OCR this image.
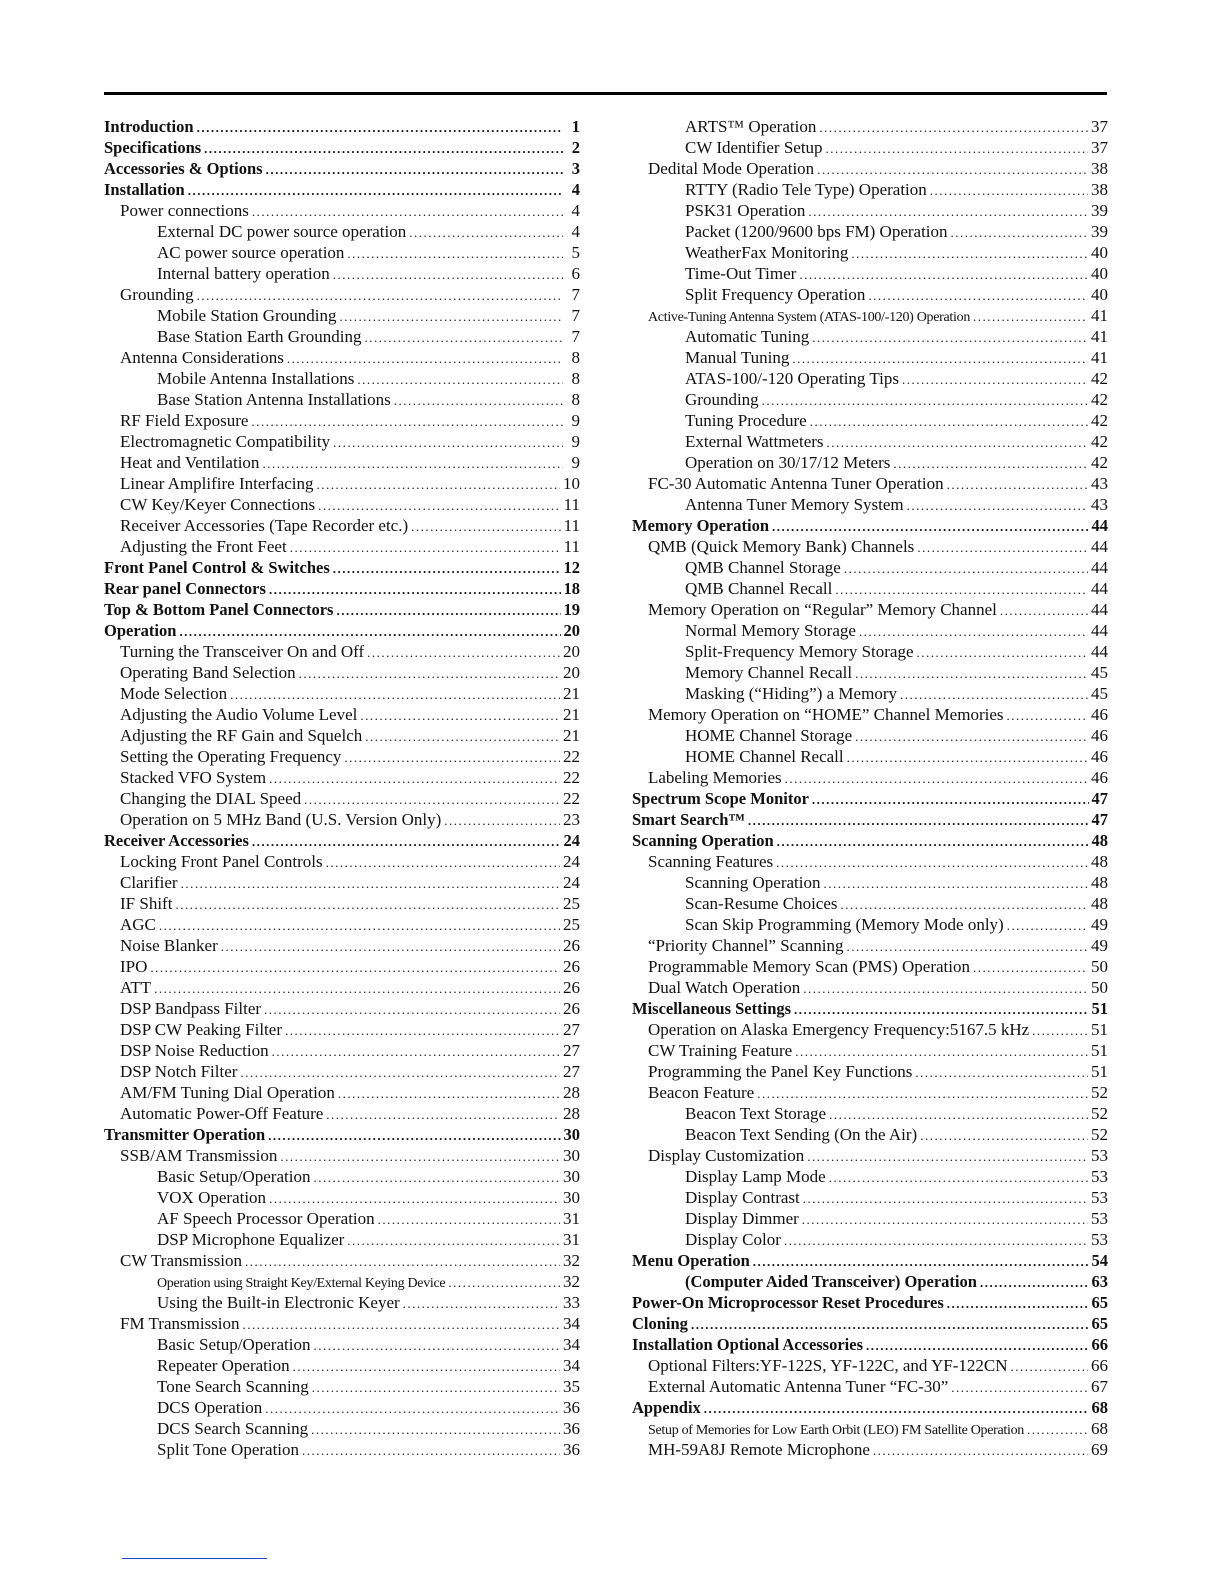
Introduction .....	1
Specifications .....	2
Accessories & Options .....	3
Installation .....	4
Power connections .....	4
External DC power source operation .....	4
AC power source operation .....	5
Internal battery operation .....	6
Grounding .....	7
Mobile Station Grounding .....	7
Base Station Earth Grounding .....	7
Antenna Considerations .....	8
Mobile Antenna Installations .....	8
Base Station Antenna Installations .....	8
RF Field Exposure .....	9
Electromagnetic Compatibility .....	9
Heat and Ventilation .....	9
Linear Amplifire Interfacing .....	10
CW Key/Keyer Connections .....	11
Receiver Accessories (Tape Recorder etc.) .....	11
Adjusting the Front Feet .....	11
Front Panel Control & Switches .....	12
Rear panel Connectors .....	18
Top & Bottom Panel Connectors .....	19
Operation .....	20
Turning the Transceiver On and Off .....	20
Operating Band Selection .....	20
Mode Selection .....	21
Adjusting the Audio Volume Level .....	21
Adjusting the RF Gain and Squelch .....	21
Setting the Operating Frequency .....	22
Stacked VFO System .....	22
Changing the DIAL Speed .....	22
Operation on 5 MHz Band (U.S. Version Only) .....	23
Receiver Accessories .....	24
Locking Front Panel Controls .....	24
Clarifier .....	24
IF Shift .....	25
AGC .....	25
Noise Blanker .....	26
IPO .....	26
ATT .....	26
DSP Bandpass Filter .....	26
DSP CW Peaking Filter .....	27
DSP Noise Reduction .....	27
DSP Notch Filter .....	27
AM/FM Tuning Dial Operation .....	28
Automatic Power-Off Feature .....	28
Transmitter Operation .....	30
SSB/AM Transmission .....	30
Basic Setup/Operation .....	30
VOX Operation .....	30
AF Speech Processor Operation .....	31
DSP Microphone Equalizer .....	31
CW Transmission .....	32
Operation using Straight Key/External Keying Device .....	32
Using the Built-in Electronic Keyer .....	33
FM Transmission .....	34
Basic Setup/Operation .....	34
Repeater Operation .....	34
Tone Search Scanning .....	35
DCS Operation .....	36
DCS Search Scanning .....	36
Split Tone Operation .....	36
ARTS™ Operation .....	37
CW Identifier Setup .....	37
Dedital Mode Operation .....	38
RTTY (Radio Tele Type) Operation .....	38
PSK31 Operation .....	39
Packet (1200/9600 bps FM) Operation .....	39
WeatherFax Monitoring .....	40
Time-Out Timer .....	40
Split Frequency Operation .....	40
Active-Tuning Antenna System (ATAS-100/-120) Operation .....	41
Automatic Tuning .....	41
Manual Tuning .....	41
ATAS-100/-120 Operating Tips .....	42
Grounding .....	42
Tuning Procedure .....	42
External Wattmeters .....	42
Operation on 30/17/12 Meters .....	42
FC-30 Automatic Antenna Tuner Operation .....	43
Antenna Tuner Memory System .....	43
Memory Operation .....	44
QMB (Quick Memory Bank) Channels .....	44
QMB Channel Storage .....	44
QMB Channel Recall .....	44
Memory Operation on “Regular” Memory Channel .....	44
Normal Memory Storage .....	44
Split-Frequency Memory Storage .....	44
Memory Channel Recall .....	45
Masking (“Hiding”) a Memory .....	45
Memory Operation on “HOME” Channel Memories .....	46
HOME Channel Storage .....	46
HOME Channel Recall .....	46
Labeling Memories .....	46
Spectrum Scope Monitor .....	47
Smart Search™ .....	47
Scanning Operation .....	48
Scanning Features .....	48
Scanning Operation .....	48
Scan-Resume Choices .....	48
Scan Skip Programming (Memory Mode only) .....	49
“Priority Channel” Scanning .....	49
Programmable Memory Scan (PMS) Operation .....	50
Dual Watch Operation .....	50
Miscellaneous Settings .....	51
Operation on Alaska Emergency Frequency:5167.5 kHz .....	51
CW Training Feature .....	51
Programming the Panel Key Functions .....	51
Beacon Feature .....	52
Beacon Text Storage .....	52
Beacon Text Sending (On the Air) .....	52
Display Customization .....	53
Display Lamp Mode .....	53
Display Contrast .....	53
Display Dimmer .....	53
Display Color .....	53
Menu Operation .....	54
(Computer Aided Transceiver) Operation .....	63
Power-On Microprocessor Reset Procedures .....	65
Cloning .....	65
Installation Optional Accessories .....	66
Optional Filters:YF-122S, YF-122C, and YF-122CN .....	66
External Automatic Antenna Tuner “FC-30” .....	67
Appendix .....	68
Setup of Memories for Low Earth Orbit (LEO) FM Satellite Operation .....	68
MH-59A8J Remote Microphone .....	69
